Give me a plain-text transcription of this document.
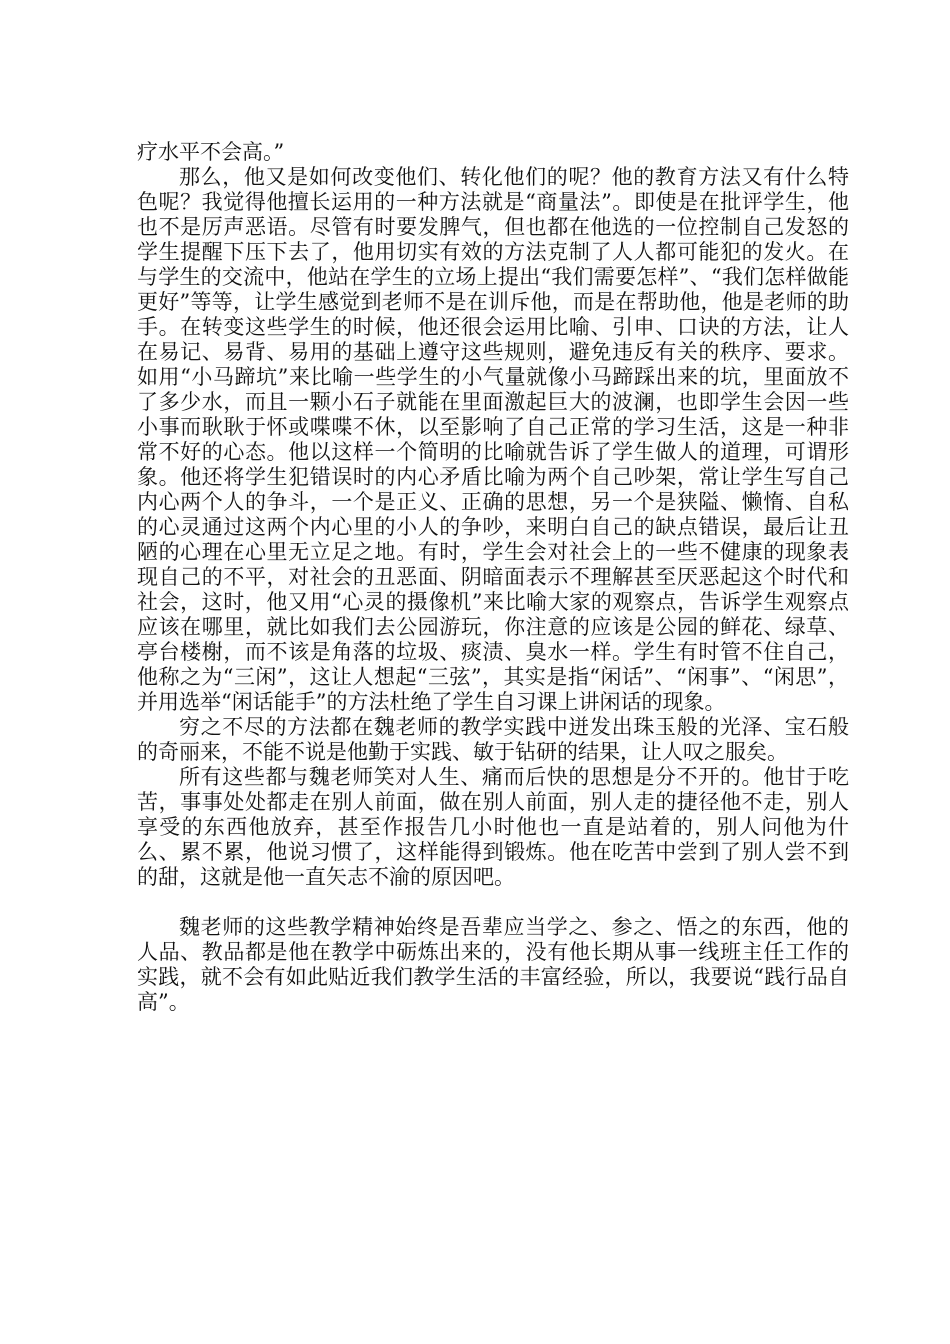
疗水平不会高。”

那么，他又是如何改变他们、转化他们的呢？他的教育方法又有什么特色呢？我觉得他擅长运用的一种方法就是“商量法”。即使是在批评学生，他也不是厉声恶语。尽管有时要发脾气，但也都在他选的一位控制自己发怒的学生提醒下压下去了，他用切实有效的方法克制了人人都可能犯的发火。在与学生的交流中，他站在学生的立场上提出“我们需要怎样”、“我们怎样做能更好”等等，让学生感觉到老师不是在训斥他，而是在帮助他，他是老师的助手。在转变这些学生的时候，他还很会运用比喻、引申、口诀的方法，让人在易记、易背、易用的基础上遵守这些规则，避免违反有关的秩序、要求。如用“小马蹄坑”来比喻一些学生的小气量就像小马蹄踩出来的坑，里面放不了多少水，而且一颗小石子就能在里面激起巨大的波澜，也即学生会因一些小事而耿耿于怀或喋喋不休，以至影响了自己正常的学习生活，这是一种非常不好的心态。他以这样一个简明的比喻就告诉了学生做人的道理，可谓形象。他还将学生犯错误时的内心矛盾比喻为两个自己吵架，常让学生写自己内心两个人的争斗，一个是正义、正确的思想，另一个是狭隘、懒惰、自私的心灵通过这两个内心里的小人的争吵，来明白自己的缺点错误，最后让丑陋的心理在心里无立足之地。有时，学生会对社会上的一些不健康的现象表现自己的不平，对社会的丑恶面、阴暗面表示不理解甚至厌恶起这个时代和社会，这时，他又用“心灵的摄像机”来比喻大家的观察点，告诉学生观察点应该在哪里，就比如我们去公园游玩，你注意的应该是公园的鲜花、绿草、亭台楼榭，而不该是角落的垃圾、痰渍、臭水一样。学生有时管不住自己，他称之为“三闲”，这让人想起“三弦”，其实是指“闲话”、“闲事”、“闲思”，并用选举“闲话能手”的方法杜绝了学生自习课上讲闲话的现象。

穷之不尽的方法都在魏老师的教学实践中迸发出珠玉般的光泽、宝石般的奇丽来，不能不说是他勤于实践、敏于钻研的结果，让人叹之服矣。

所有这些都与魏老师笑对人生、痛而后快的思想是分不开的。他甘于吃苦，事事处处都走在别人前面，做在别人前面，别人走的捷径他不走，别人享受的东西他放弃，甚至作报告几小时他也一直是站着的，别人问他为什么、累不累，他说习惯了，这样能得到锻炼。他在吃苦中尝到了别人尝不到的甜，这就是他一直矢志不渝的原因吧。

魏老师的这些教学精神始终是吾辈应当学之、参之、悟之的东西，他的人品、教品都是他在教学中砺炼出来的，没有他长期从事一线班主任工作的实践，就不会有如此贴近我们教学生活的丰富经验，所以，我要说“践行品自高”。
